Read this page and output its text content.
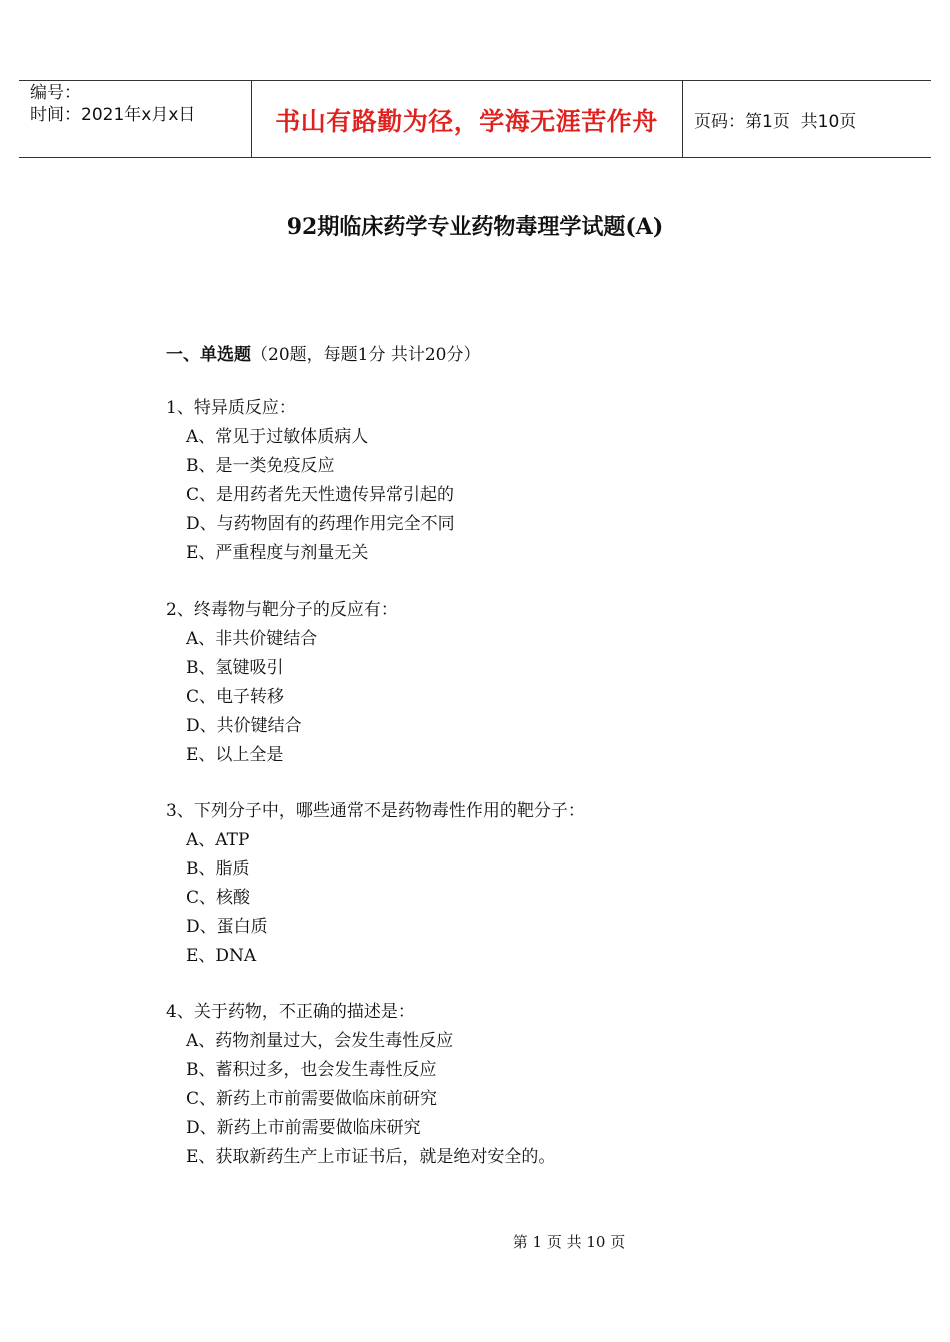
编号：
时间：2021年x月x日	书山有路勤为径，学海无涯苦作舟	页码：第1页  共10页
92期临床药学专业药物毒理学试题(A)
一、单选题（20题，每题1分 共计20分）
1、特异质反应：
A、常见于过敏体质病人
B、是一类免疫反应
C、是用药者先天性遗传异常引起的
D、与药物固有的药理作用完全不同
E、严重程度与剂量无关
2、终毒物与靶分子的反应有：
A、非共价键结合
B、氢键吸引
C、电子转移
D、共价键结合
E、以上全是
3、下列分子中，哪些通常不是药物毒性作用的靶分子：
A、ATP
B、脂质
C、核酸
D、蛋白质
E、DNA
4、关于药物，不正确的描述是：
A、药物剂量过大，会发生毒性反应
B、蓄积过多，也会发生毒性反应
C、新药上市前需要做临床前研究
D、新药上市前需要做临床研究
E、获取新药生产上市证书后，就是绝对安全的。
第 1 页 共 10 页
